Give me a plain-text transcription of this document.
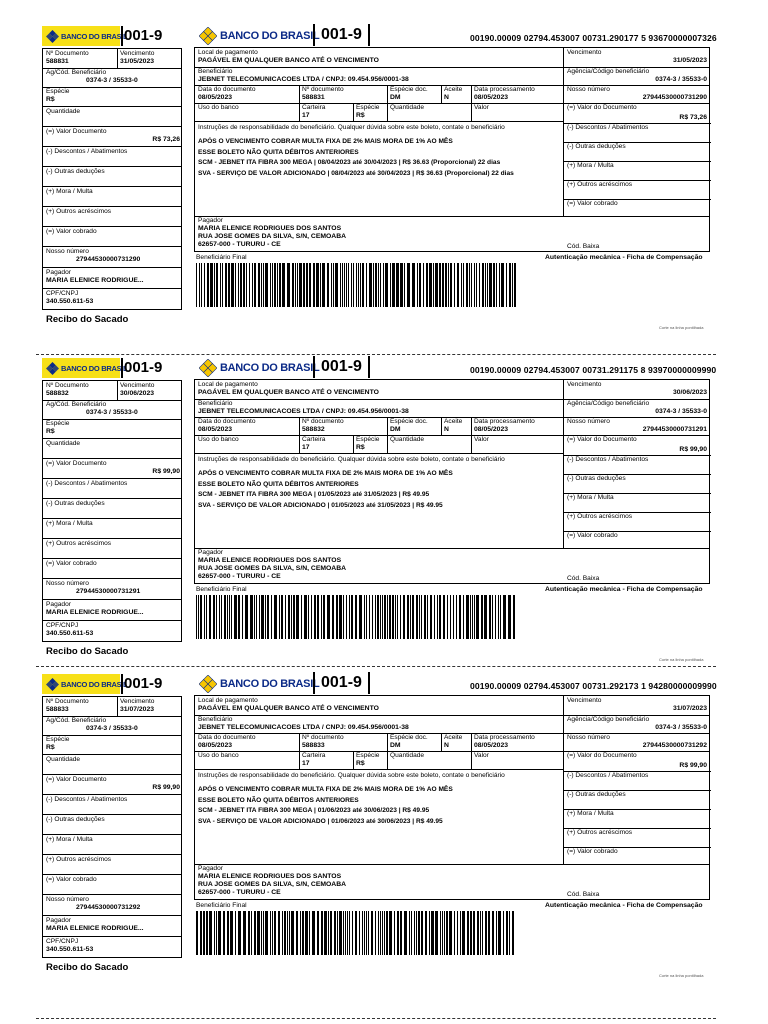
BANCO DO BRASIL
001-9
Nº Documento
588831
Vencimento
31/05/2023
Ag/Cód. Beneficiário
0374-3 / 35533-0
Espécie
R$
Quantidade
(=) Valor Documento
R$ 73,26
(-) Descontos / Abatimentos
(-) Outras deduções
(+) Mora / Multa
(+) Outros acréscimos
(=) Valor cobrado
Nosso número
27944530000731290
Pagador
MARIA ELENICE RODRIGUE...
CPF/CNPJ
340.550.611-53
Recibo do Sacado
BANCO DO BRASIL 001-9	00190.00009 02794.453007 00731.290177 5 93670000007326
Local de pagamento
PAGÁVEL EM QUALQUER BANCO ATÉ O VENCIMENTO
Vencimento
31/05/2023
Beneficiário
JEBNET TELECOMUNICACOES LTDA / CNPJ: 09.454.956/0001-38
Agência/Código beneficiário
0374-3 / 35533-0
Data do documento
08/05/2023
Nº documento
588831
Espécie doc.
DM
Aceite
N
Data processamento
08/05/2023
Nosso número
27944530000731290
Uso do banco	Carteira
17
Espécie
R$
Quantidade	Valor	(=) Valor do Documento
R$ 73,26
(-) Descontos / Abatimentos
(-) Outras deduções
(+) Mora / Multa
(+) Outros acréscimos
(=) Valor cobrado
Instruções de responsabilidade do beneficiário. Qualquer dúvida sobre este boleto, contate o beneficiário
APÓS O VENCIMENTO COBRAR MULTA FIXA DE 2% MAIS MORA DE 1% AO MÊS
ESSE BOLETO NÃO QUITA DÉBITOS ANTERIORES
SCM - JEBNET ITA FIBRA 300 MEGA | 08/04/2023 até 30/04/2023 | R$ 36.63 (Proporcional) 22 dias
SVA - SERVIÇO DE VALOR ADICIONADO | 08/04/2023 até 30/04/2023 | R$ 36.63 (Proporcional) 22 dias
Pagador
MARIA ELENICE RODRIGUES DOS SANTOS
RUA JOSE GOMES DA SILVA, S/N, CEMOABA
62657-000 - TURURU - CE	Cód. Baixa
Beneficiário Final	Autenticação mecânica - Ficha de Compensação
Corte na linha pontilhada
BANCO DO BRASIL
001-9
Nº Documento
588832
Vencimento
30/06/2023
Ag/Cód. Beneficiário
0374-3 / 35533-0
Espécie
R$
Quantidade
(=) Valor Documento
R$ 99,90
(-) Descontos / Abatimentos
(-) Outras deduções
(+) Mora / Multa
(+) Outros acréscimos
(=) Valor cobrado
Nosso número
27944530000731291
Pagador
MARIA ELENICE RODRIGUE...
CPF/CNPJ
340.550.611-53
Recibo do Sacado
BANCO DO BRASIL 001-9	00190.00009 02794.453007 00731.291175 8 93970000009990
Local de pagamento
PAGÁVEL EM QUALQUER BANCO ATÉ O VENCIMENTO
Vencimento
30/06/2023
Beneficiário
JEBNET TELECOMUNICACOES LTDA / CNPJ: 09.454.956/0001-38
Agência/Código beneficiário
0374-3 / 35533-0
Data do documento
08/05/2023
Nº documento
588832
Espécie doc.
DM
Aceite
N
Data processamento
08/05/2023
Nosso número
27944530000731291
Uso do banco	Carteira
17
Espécie
R$
Quantidade	Valor	(=) Valor do Documento
R$ 99,90
(-) Descontos / Abatimentos
(-) Outras deduções
(+) Mora / Multa
(+) Outros acréscimos
(=) Valor cobrado
Instruções de responsabilidade do beneficiário. Qualquer dúvida sobre este boleto, contate o beneficiário
APÓS O VENCIMENTO COBRAR MULTA FIXA DE 2% MAIS MORA DE 1% AO MÊS
ESSE BOLETO NÃO QUITA DÉBITOS ANTERIORES
SCM - JEBNET ITA FIBRA 300 MEGA | 01/05/2023 até 31/05/2023 | R$ 49.95
SVA - SERVIÇO DE VALOR ADICIONADO | 01/05/2023 até 31/05/2023 | R$ 49.95
Pagador
MARIA ELENICE RODRIGUES DOS SANTOS
RUA JOSE GOMES DA SILVA, S/N, CEMOABA
62657-000 - TURURU - CE	Cód. Baixa
Beneficiário Final	Autenticação mecânica - Ficha de Compensação
Corte na linha pontilhada
BANCO DO BRASIL
001-9
Nº Documento
588833
Vencimento
31/07/2023
Ag/Cód. Beneficiário
0374-3 / 35533-0
Espécie
R$
Quantidade
(=) Valor Documento
R$ 99,90
(-) Descontos / Abatimentos
(-) Outras deduções
(+) Mora / Multa
(+) Outros acréscimos
(=) Valor cobrado
Nosso número
27944530000731292
Pagador
MARIA ELENICE RODRIGUE...
CPF/CNPJ
340.550.611-53
Recibo do Sacado
BANCO DO BRASIL 001-9	00190.00009 02794.453007 00731.292173 1 94280000009990
Local de pagamento
PAGÁVEL EM QUALQUER BANCO ATÉ O VENCIMENTO
Vencimento
31/07/2023
Beneficiário
JEBNET TELECOMUNICACOES LTDA / CNPJ: 09.454.956/0001-38
Agência/Código beneficiário
0374-3 / 35533-0
Data do documento
08/05/2023
Nº documento
588833
Espécie doc.
DM
Aceite
N
Data processamento
08/05/2023
Nosso número
27944530000731292
Uso do banco	Carteira
17
Espécie
R$
Quantidade	Valor	(=) Valor do Documento
R$ 99,90
(-) Descontos / Abatimentos
(-) Outras deduções
(+) Mora / Multa
(+) Outros acréscimos
(=) Valor cobrado
Instruções de responsabilidade do beneficiário. Qualquer dúvida sobre este boleto, contate o beneficiário
APÓS O VENCIMENTO COBRAR MULTA FIXA DE 2% MAIS MORA DE 1% AO MÊS
ESSE BOLETO NÃO QUITA DÉBITOS ANTERIORES
SCM - JEBNET ITA FIBRA 300 MEGA | 01/06/2023 até 30/06/2023 | R$ 49.95
SVA - SERVIÇO DE VALOR ADICIONADO | 01/06/2023 até 30/06/2023 | R$ 49.95
Pagador
MARIA ELENICE RODRIGUES DOS SANTOS
RUA JOSE GOMES DA SILVA, S/N, CEMOABA
62657-000 - TURURU - CE	Cód. Baixa
Beneficiário Final	Autenticação mecânica - Ficha de Compensação
Corte na linha pontilhada
